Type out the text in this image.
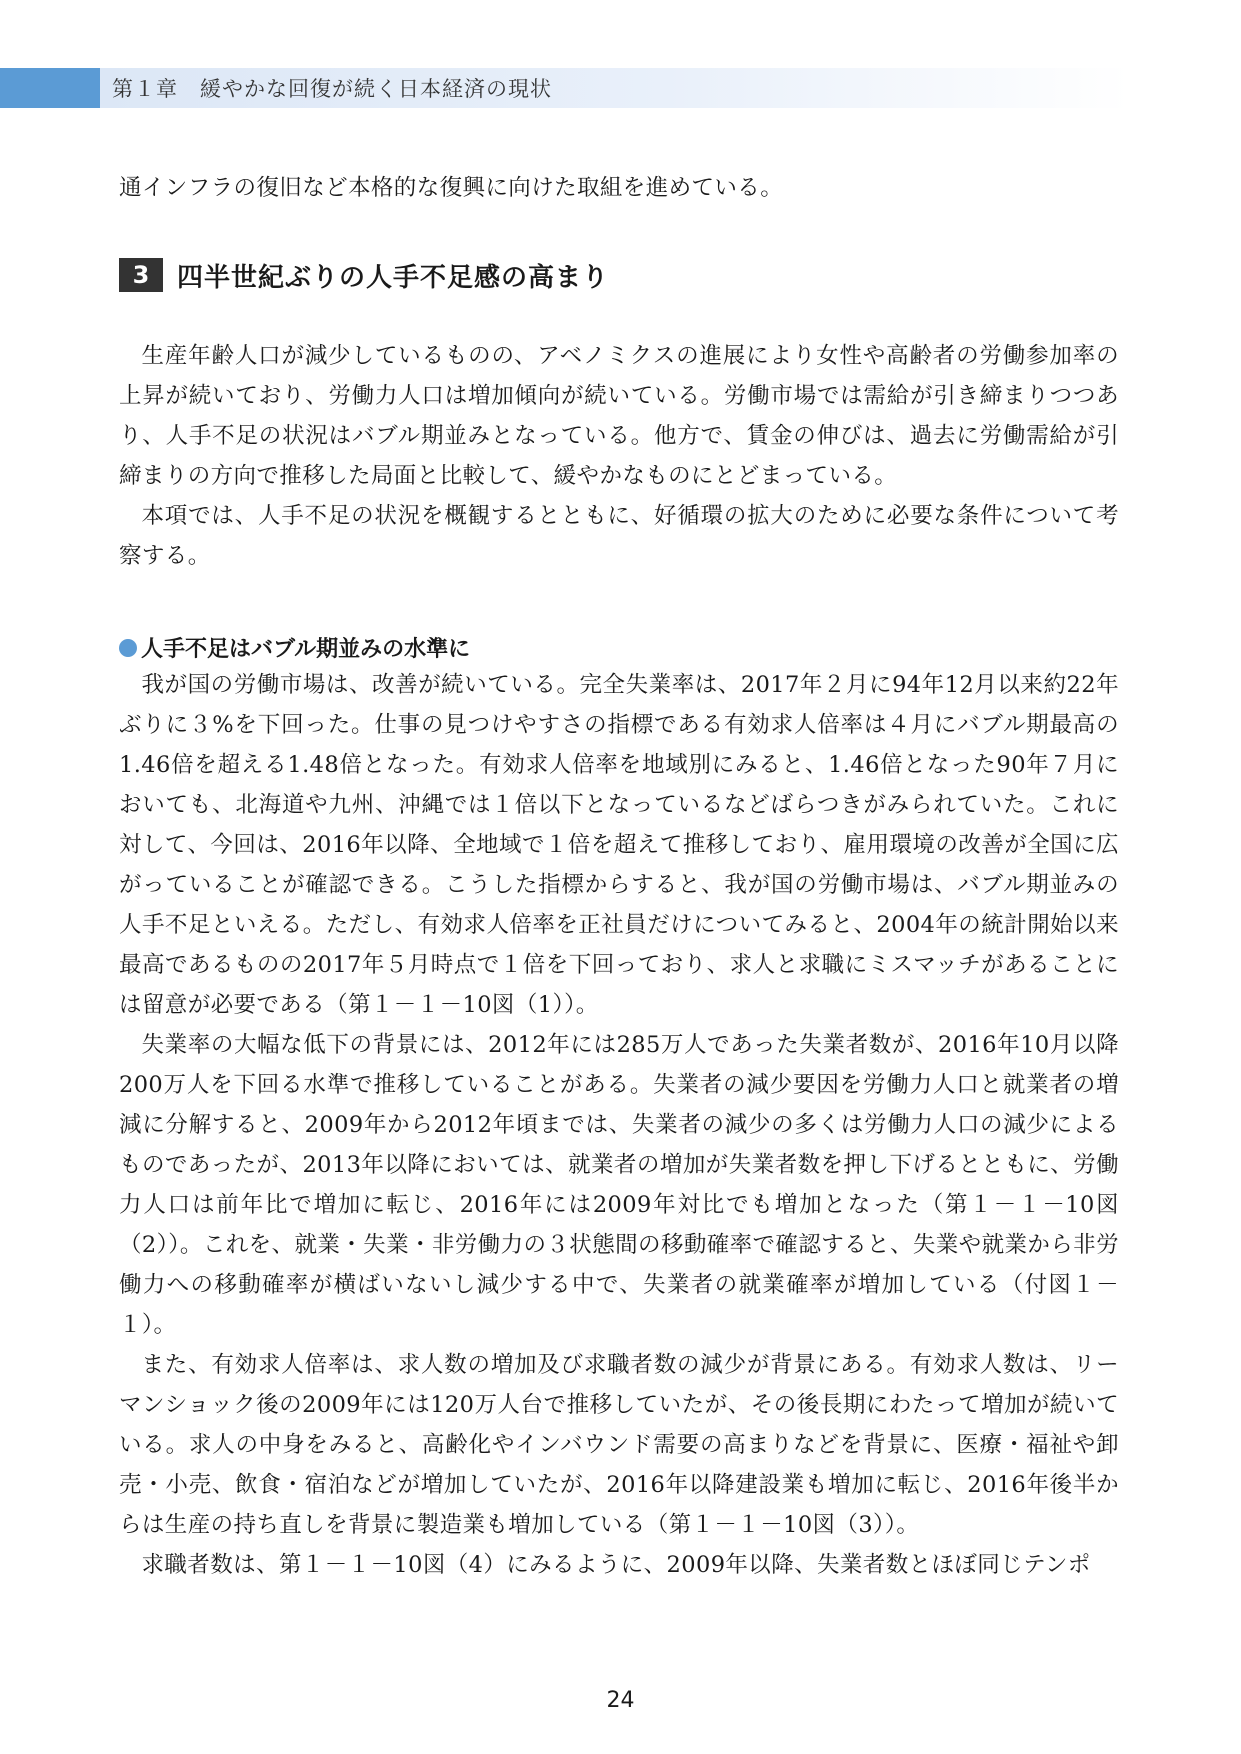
第１章　緩やかな回復が続く日本経済の現状

通インフラの復旧など本格的な復興に向けた取組を進めている。

3	四半世紀ぶりの人手不足感の高まり

生産年齢人口が減少しているものの、アベノミクスの進展により女性や高齢者の労働参加率の上昇が続いており、労働力人口は増加傾向が続いている。労働市場では需給が引き締まりつつあり、人手不足の状況はバブル期並みとなっている。他方で、賃金の伸びは、過去に労働需給が引締まりの方向で推移した局面と比較して、緩やかなものにとどまっている。

本項では、人手不足の状況を概観するとともに、好循環の拡大のために必要な条件について考察する。

人手不足はバブル期並みの水準に

我が国の労働市場は、改善が続いている。完全失業率は、2017年２月に94年12月以来約22年ぶりに３%を下回った。仕事の見つけやすさの指標である有効求人倍率は４月にバブル期最高の1.46倍を超える1.48倍となった。有効求人倍率を地域別にみると、1.46倍となった90年７月においても、北海道や九州、沖縄では１倍以下となっているなどばらつきがみられていた。これに対して、今回は、2016年以降、全地域で１倍を超えて推移しており、雇用環境の改善が全国に広がっていることが確認できる。こうした指標からすると、我が国の労働市場は、バブル期並みの人手不足といえる。ただし、有効求人倍率を正社員だけについてみると、2004年の統計開始以来最高であるものの2017年５月時点で１倍を下回っており、求人と求職にミスマッチがあることには留意が必要である（第１－１－10図（1））。

失業率の大幅な低下の背景には、2012年には285万人であった失業者数が、2016年10月以降200万人を下回る水準で推移していることがある。失業者の減少要因を労働力人口と就業者の増減に分解すると、2009年から2012年頃までは、失業者の減少の多くは労働力人口の減少によるものであったが、2013年以降においては、就業者の増加が失業者数を押し下げるとともに、労働力人口は前年比で増加に転じ、2016年には2009年対比でも増加となった（第１－１－10図（2））。これを、就業・失業・非労働力の３状態間の移動確率で確認すると、失業や就業から非労働力への移動確率が横ばいないし減少する中で、失業者の就業確率が増加している（付図１－１）。

また、有効求人倍率は、求人数の増加及び求職者数の減少が背景にある。有効求人数は、リーマンショック後の2009年には120万人台で推移していたが、その後長期にわたって増加が続いている。求人の中身をみると、高齢化やインバウンド需要の高まりなどを背景に、医療・福祉や卸売・小売、飲食・宿泊などが増加していたが、2016年以降建設業も増加に転じ、2016年後半からは生産の持ち直しを背景に製造業も増加している（第１－１－10図（3））。

求職者数は、第１－１－10図（4）にみるように、2009年以降、失業者数とほぼ同じテンポ

24
